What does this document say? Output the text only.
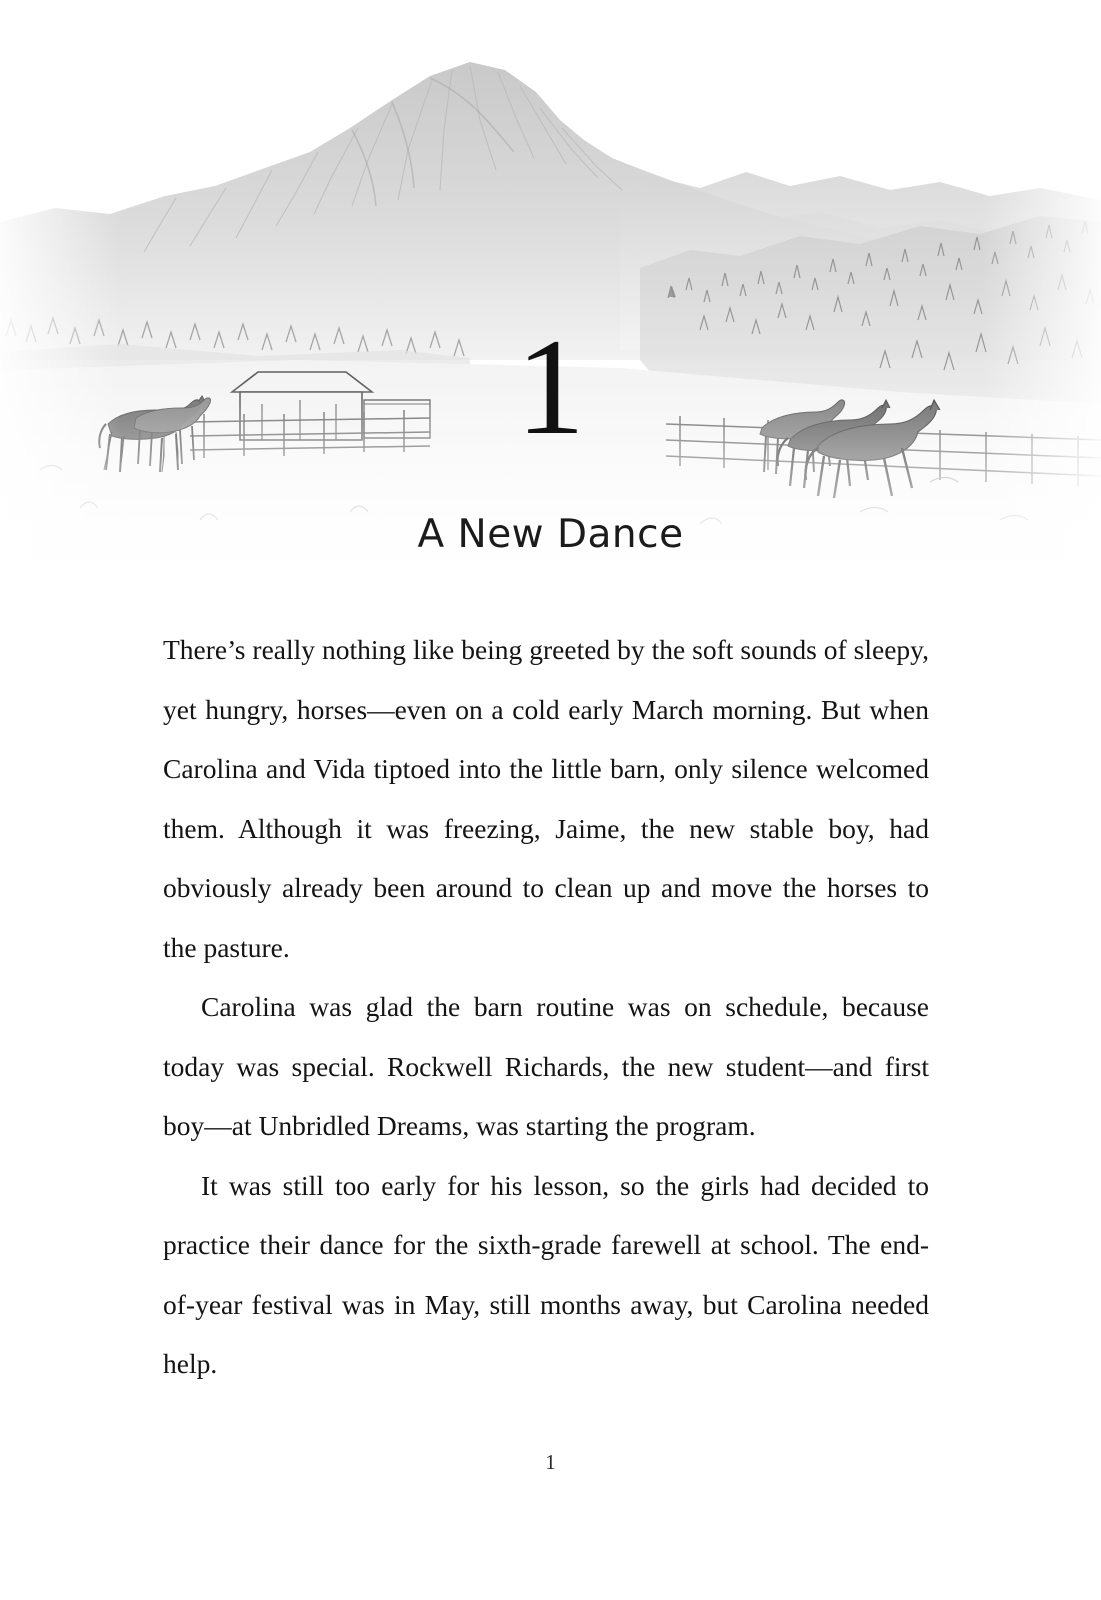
1
A New Dance

There’s really nothing like being greeted by the soft sounds of sleepy, yet hungry, horses—even on a cold early March morning. But when Carolina and Vida tiptoed into the little barn, only silence welcomed them. Although it was freezing, Jaime, the new stable boy, had obviously already been around to clean up and move the horses to the pasture.

Carolina was glad the barn routine was on schedule, because today was special. Rockwell Richards, the new student—and first boy—at Unbridled Dreams, was starting the program.

It was still too early for his lesson, so the girls had decided to practice their dance for the sixth-grade farewell at school. The end-of-year festival was in May, still months away, but Carolina needed help.

1
